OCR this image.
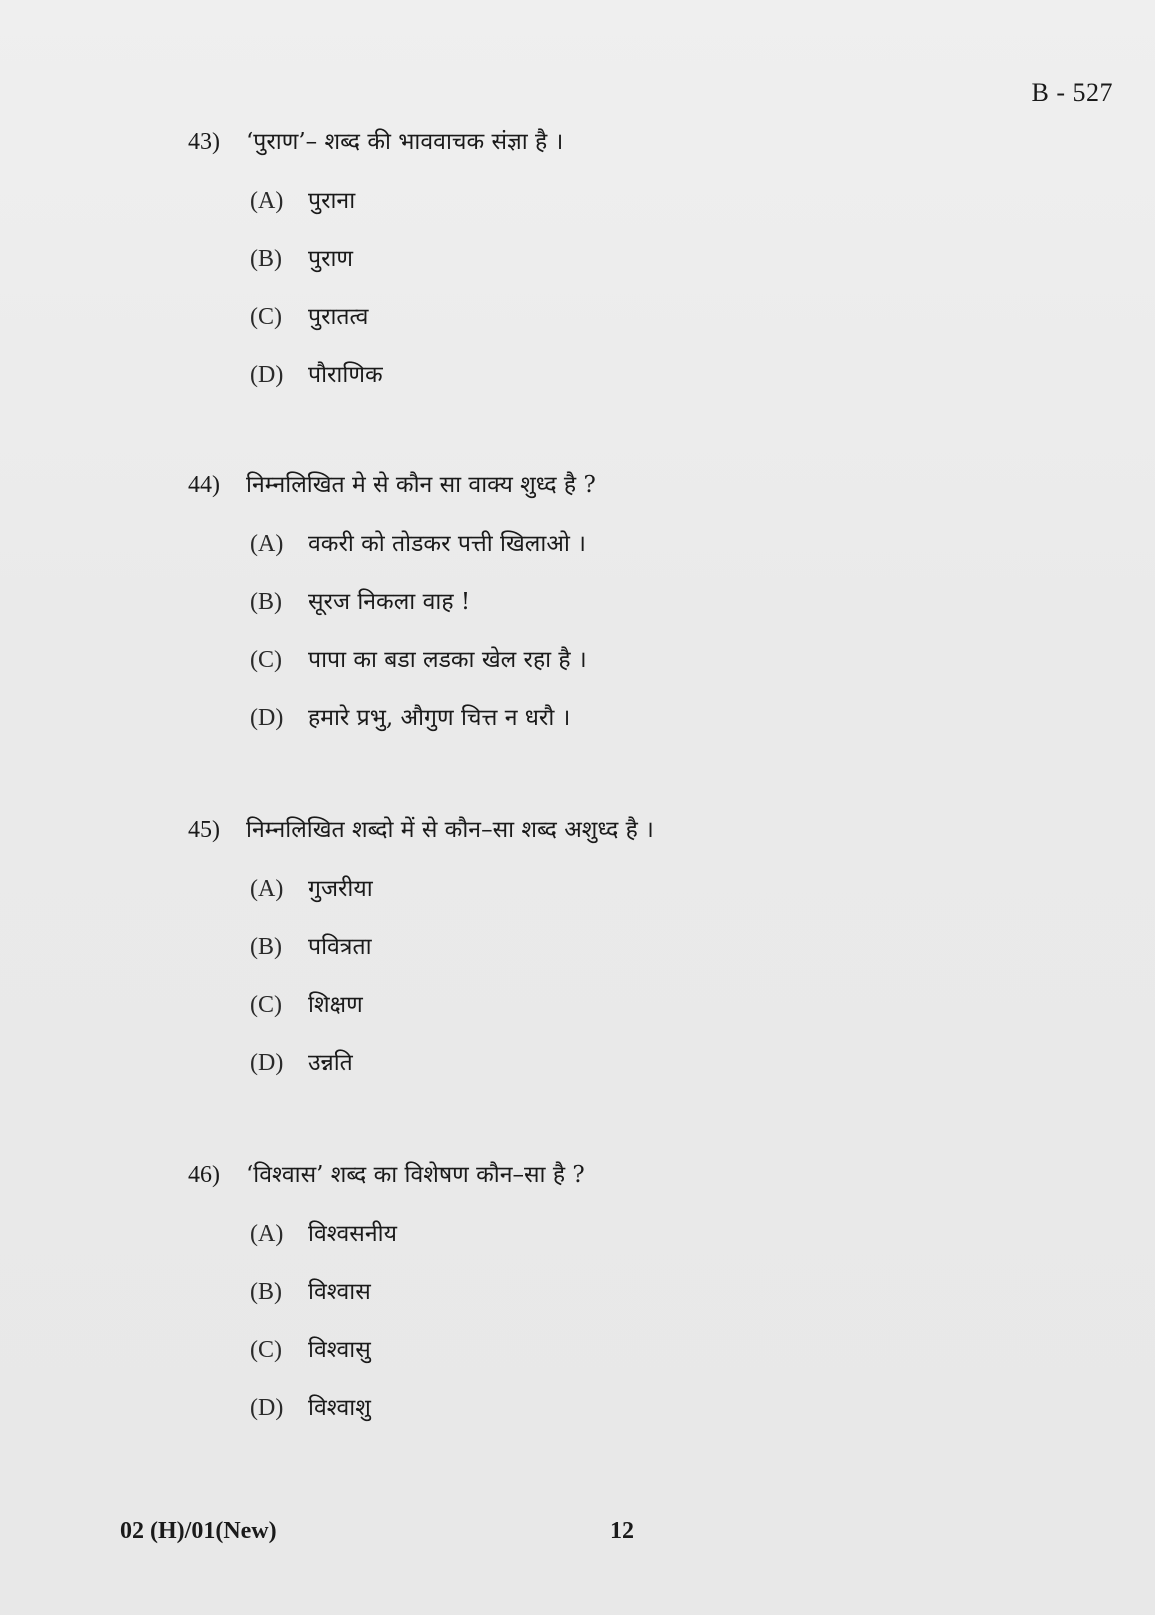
B - 527
43)	‘पुराण’– शब्द की भाववाचक संज्ञा है ।
(A)	पुराना
(B)	पुराण
(C)	पुरातत्व
(D)	पौराणिक
44)	निम्नलिखित मे से कौन सा वाक्य शुध्द है ?
(A)	वकरी को तोडकर पत्ती खिलाओ ।
(B)	सूरज निकला वाह !
(C)	पापा का बडा लडका खेल रहा है ।
(D)	हमारे प्रभु, औगुण चित्त न धरौ ।
45)	निम्नलिखित शब्दो में से कौन–सा शब्द अशुध्द है ।
(A)	गुजरीया
(B)	पवित्रता
(C)	शिक्षण
(D)	उन्नति
46)	‘विश्वास’ शब्द का विशेषण कौन–सा है ?
(A)	विश्वसनीय
(B)	विश्वास
(C)	विश्वासु
(D)	विश्वाशु
02 (H)/01(New)	12
